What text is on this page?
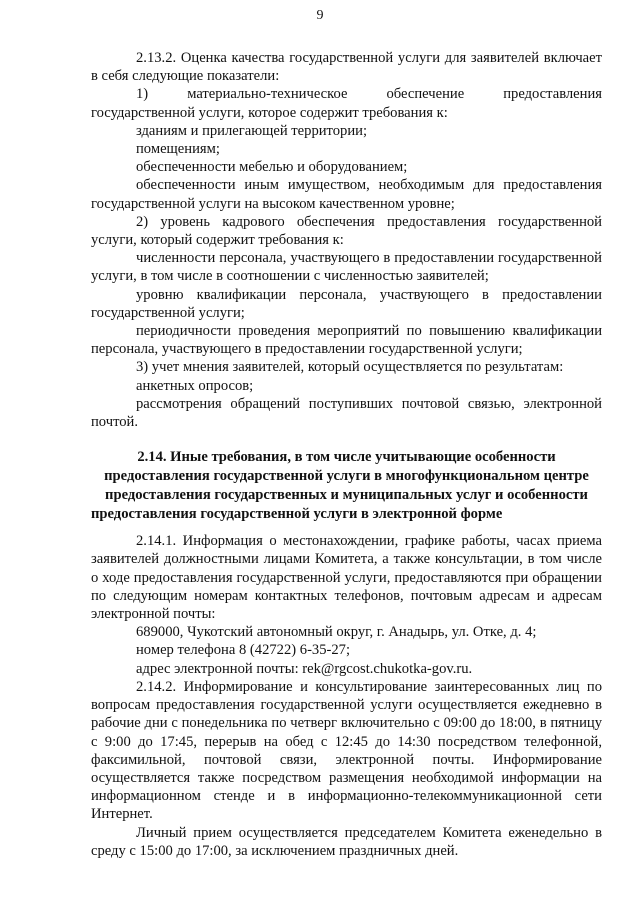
9

2.13.2. Оценка качества государственной услуги для заявителей включает в себя следующие показатели:

1) материально-техническое обеспечение предоставления государственной услуги, которое содержит требования к:

зданиям и прилегающей территории;

помещениям;

обеспеченности мебелью и оборудованием;

обеспеченности иным имуществом, необходимым для предоставления государственной услуги на высоком качественном уровне;

2) уровень кадрового обеспечения предоставления государственной услуги, который содержит требования к:

численности персонала, участвующего в предоставлении государственной услуги, в том числе в соотношении с численностью заявителей;

уровню квалификации персонала, участвующего в предоставлении государственной услуги;

периодичности проведения мероприятий по повышению квалификации персонала, участвующего в предоставлении государственной услуги;

3) учет мнения заявителей, который осуществляется по результатам:

анкетных опросов;

рассмотрения обращений поступивших почтовой связью, электронной почтой.

2.14. Иные требования, в том числе учитывающие особенности предоставления государственной услуги в многофункциональном центре предоставления государственных и муниципальных услуг и особенности предоставления государственной услуги в электронной форме

2.14.1. Информация о местонахождении, графике работы, часах приема заявителей должностными лицами Комитета, а также консультации, в том числе о ходе предоставления государственной услуги, предоставляются при обращении по следующим номерам контактных телефонов, почтовым адресам и адресам электронной почты:

689000, Чукотский автономный округ, г. Анадырь, ул. Отке, д. 4;

номер телефона 8 (42722) 6-35-27;

адрес электронной почты: rek@rgcost.chukotka-gov.ru.

2.14.2. Информирование и консультирование заинтересованных лиц по вопросам предоставления государственной услуги осуществляется ежедневно в рабочие дни с понедельника по четверг включительно с 09:00 до 18:00, в пятницу с 9:00 до 17:45, перерыв на обед с 12:45 до 14:30 посредством телефонной, факсимильной, почтовой связи, электронной почты. Информирование осуществляется также посредством размещения необходимой информации на информационном стенде и в информационно-телекоммуникационной сети Интернет.

Личный прием осуществляется председателем Комитета еженедельно в среду с 15:00 до 17:00, за исключением праздничных дней.
